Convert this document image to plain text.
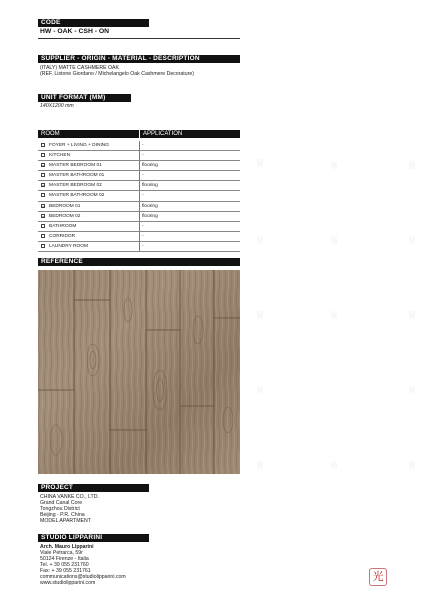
易	易	易
易	易	易
易	易	易
易	易
易	易	易
CODE
HW - OAK - CSH - ON
SUPPLIER - ORIGIN - MATERIAL - DESCRIPTION
(ITALY) MATTE CASHMERE OAK
(REF. Listone Giordano / Michelangelo Oak Cashmere Decorature)
UNIT FORMAT (MM)
140X1200 mm
ROOM	APPLICATION
FOYER + LIVING + DINING	-
KITCHEN	-
× MASTER BEDROOM 01	flooring
MASTER BATHROOM 01	-
× MASTER BEDROOM 02	flooring
MASTER BATHROOM 02	-
× BEDROOM 01	flooring
× BEDROOM 02	flooring
BATHROOM	-
CORRIDOR	-
LAUNDRY ROOM	-
REFERENCE
PROJECT
CHINA VANKE CO., LTD.
Grand Canal Core
Tongzhou District
Beijing - P.R. China
MODEL APARTMENT
STUDIO LIPPARINI
Arch. Mauro Lipparini
Viale Petrarca, 59r
50124 Firenze - Italia
Tel. + 39 055 231760
Fax: + 39 055 231761
communications@studiolipparini.com
www.studiolipparini.com	光
